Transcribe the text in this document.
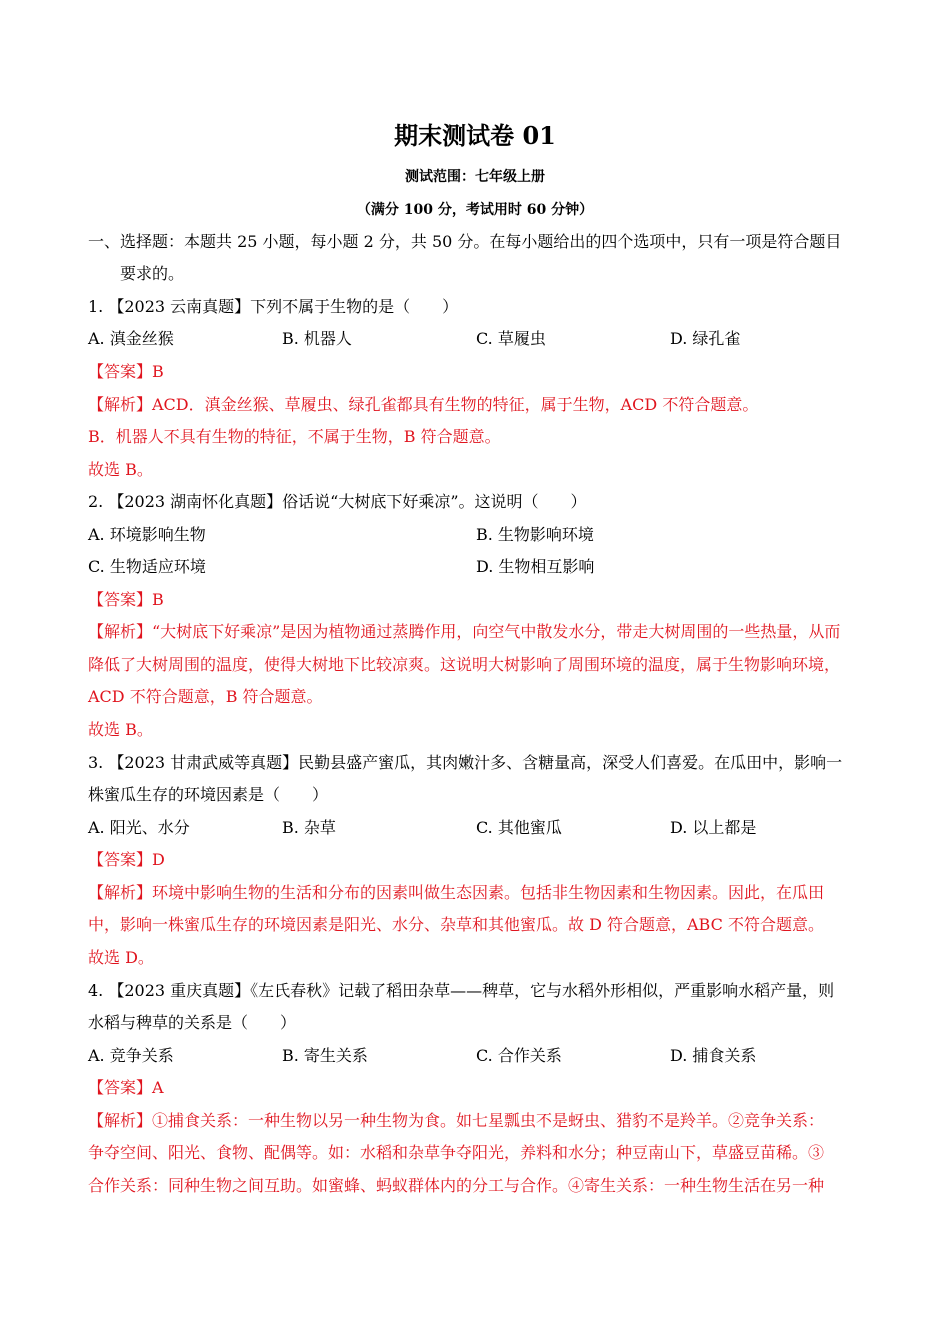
期末测试卷 01
测试范围：七年级上册
（满分 100 分，考试用时 60 分钟）
一、选择题：本题共 25 小题，每小题 2 分，共 50 分。在每小题给出的四个选项中，只有一项是符合题目
要求的。
1. 【2023 云南真题】下列不属于生物的是（　　）
A. 滇金丝猴	B. 机器人	C. 草履虫	D. 绿孔雀
【答案】B
【解析】ACD．滇金丝猴、草履虫、绿孔雀都具有生物的特征，属于生物，ACD 不符合题意。
B．机器人不具有生物的特征，不属于生物，B 符合题意。
故选 B。
2. 【2023 湖南怀化真题】俗话说“大树底下好乘凉”。这说明（　　）
A. 环境影响生物	B. 生物影响环境
C. 生物适应环境	D. 生物相互影响
【答案】B
【解析】“大树底下好乘凉”是因为植物通过蒸腾作用，向空气中散发水分，带走大树周围的一些热量，从而
降低了大树周围的温度，使得大树地下比较凉爽。这说明大树影响了周围环境的温度，属于生物影响环境，
ACD 不符合题意，B 符合题意。
故选 B。
3. 【2023 甘肃武威等真题】民勤县盛产蜜瓜，其肉嫩汁多、含糖量高，深受人们喜爱。在瓜田中，影响一
株蜜瓜生存的环境因素是（　　）
A. 阳光、水分	B. 杂草	C. 其他蜜瓜	D. 以上都是
【答案】D
【解析】环境中影响生物的生活和分布的因素叫做生态因素。包括非生物因素和生物因素。因此，在瓜田
中，影响一株蜜瓜生存的环境因素是阳光、水分、杂草和其他蜜瓜。故 D 符合题意，ABC 不符合题意。
故选 D。
4. 【2023 重庆真题】《左氏春秋》记载了稻田杂草——稗草，它与水稻外形相似，严重影响水稻产量，则
水稻与稗草的关系是（　　）
A. 竞争关系	B. 寄生关系	C. 合作关系	D. 捕食关系
【答案】A
【解析】①捕食关系：一种生物以另一种生物为食。如七星瓢虫不是蚜虫、猎豹不是羚羊。②竞争关系：
争夺空间、阳光、食物、配偶等。如：水稻和杂草争夺阳光，养料和水分；种豆南山下，草盛豆苗稀。③
合作关系：同种生物之间互助。如蜜蜂、蚂蚁群体内的分工与合作。④寄生关系：一种生物生活在另一种
